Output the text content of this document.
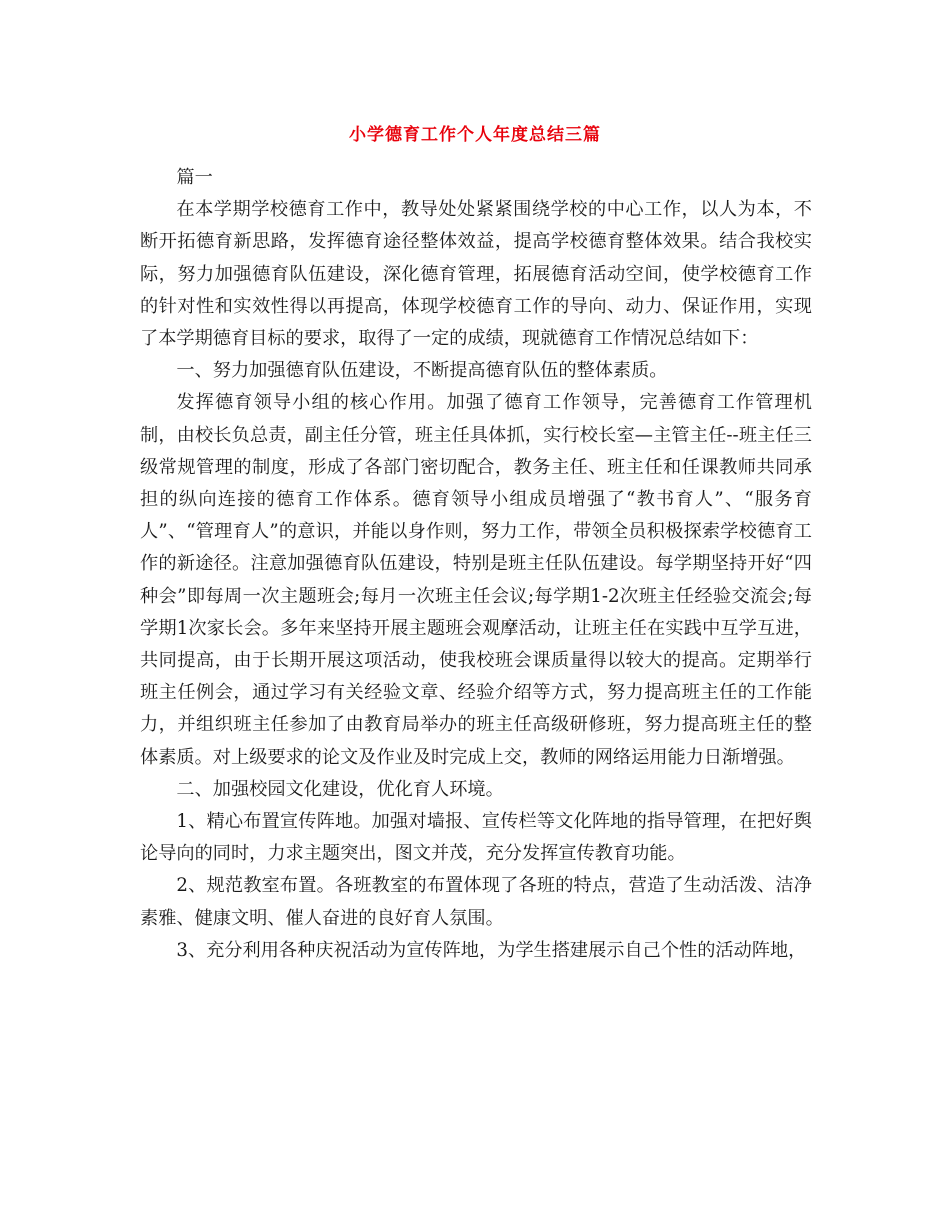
小学德育工作个人年度总结三篇

篇一

在本学期学校德育工作中，教导处处紧紧围绕学校的中心工作，以人为本，不断开拓德育新思路，发挥德育途径整体效益，提高学校德育整体效果。结合我校实际，努力加强德育队伍建设，深化德育管理，拓展德育活动空间，使学校德育工作的针对性和实效性得以再提高，体现学校德育工作的导向、动力、保证作用，实现了本学期德育目标的要求，取得了一定的成绩，现就德育工作情况总结如下：

一、努力加强德育队伍建设，不断提高德育队伍的整体素质。

发挥德育领导小组的核心作用。加强了德育工作领导，完善德育工作管理机制，由校长负总责，副主任分管，班主任具体抓，实行校长室—主管主任--班主任三级常规管理的制度，形成了各部门密切配合，教务主任、班主任和任课教师共同承担的纵向连接的德育工作体系。德育领导小组成员增强了“教书育人”、“服务育人”、“管理育人”的意识，并能以身作则，努力工作，带领全员积极探索学校德育工作的新途径。注意加强德育队伍建设，特别是班主任队伍建设。每学期坚持开好“四种会”即每周一次主题班会;每月一次班主任会议;每学期1-2次班主任经验交流会;每学期1次家长会。多年来坚持开展主题班会观摩活动，让班主任在实践中互学互进，共同提高，由于长期开展这项活动，使我校班会课质量得以较大的提高。定期举行班主任例会，通过学习有关经验文章、经验介绍等方式，努力提高班主任的工作能力，并组织班主任参加了由教育局举办的班主任高级研修班，努力提高班主任的整体素质。对上级要求的论文及作业及时完成上交，教师的网络运用能力日渐增强。

二、加强校园文化建设，优化育人环境。

1、精心布置宣传阵地。加强对墙报、宣传栏等文化阵地的指导管理，在把好舆论导向的同时，力求主题突出，图文并茂，充分发挥宣传教育功能。

2、规范教室布置。各班教室的布置体现了各班的特点，营造了生动活泼、洁净素雅、健康文明、催人奋进的良好育人氛围。

3、充分利用各种庆祝活动为宣传阵地，为学生搭建展示自己个性的活动阵地，
